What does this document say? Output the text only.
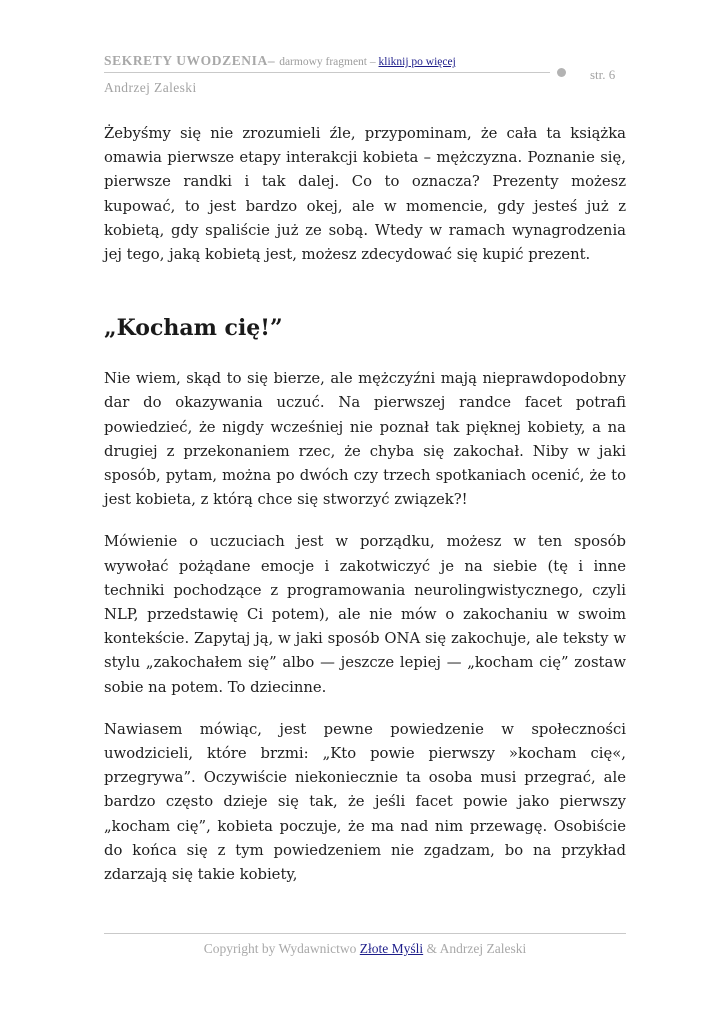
SEKRETY UWODZENIA– darmowy fragment – kliknij po więcej
str. 6
Andrzej Zaleski

Żebyśmy się nie zrozumieli źle, przypominam, że cała ta książka omawia pierwsze etapy interakcji kobieta – mężczyzna. Poznanie się, pierwsze randki i tak dalej. Co to oznacza? Prezenty możesz kupować, to jest bardzo okej, ale w momencie, gdy jesteś już z kobietą, gdy spaliście już ze sobą. Wtedy w ramach wynagrodzenia jej tego, jaką kobietą jest, możesz zdecydować się kupić prezent.

„Kocham cię!”

Nie wiem, skąd to się bierze, ale mężczyźni mają nieprawdopodobny dar do okazywania uczuć. Na pierwszej randce facet potrafi powiedzieć, że nigdy wcześniej nie poznał tak pięknej kobiety, a na drugiej z przekonaniem rzec, że chyba się zakochał. Niby w jaki sposób, pytam, można po dwóch czy trzech spotkaniach ocenić, że to jest kobieta, z którą chce się stworzyć związek?!

Mówienie o uczuciach jest w porządku, możesz w ten sposób wywołać pożądane emocje i zakotwiczyć je na siebie (tę i inne techniki pochodzące z programowania neurolingwistycznego, czyli NLP, przedstawię Ci potem), ale nie mów o zakochaniu w swoim kontekście. Zapytaj ją, w jaki sposób ONA się zakochuje, ale teksty w stylu „zakochałem się” albo — jeszcze lepiej — „kocham cię” zostaw sobie na potem. To dziecinne.

Nawiasem mówiąc, jest pewne powiedzenie w społeczności uwodzicieli, które brzmi: „Kto powie pierwszy »kocham cię«, przegrywa”. Oczywiście niekoniecznie ta osoba musi przegrać, ale bardzo często dzieje się tak, że jeśli facet powie jako pierwszy „kocham cię”, kobieta poczuje, że ma nad nim przewagę. Osobiście do końca się z tym powiedzeniem nie zgadzam, bo na przykład zdarzają się takie kobiety,

Copyright by Wydawnictwo Złote Myśli & Andrzej Zaleski
